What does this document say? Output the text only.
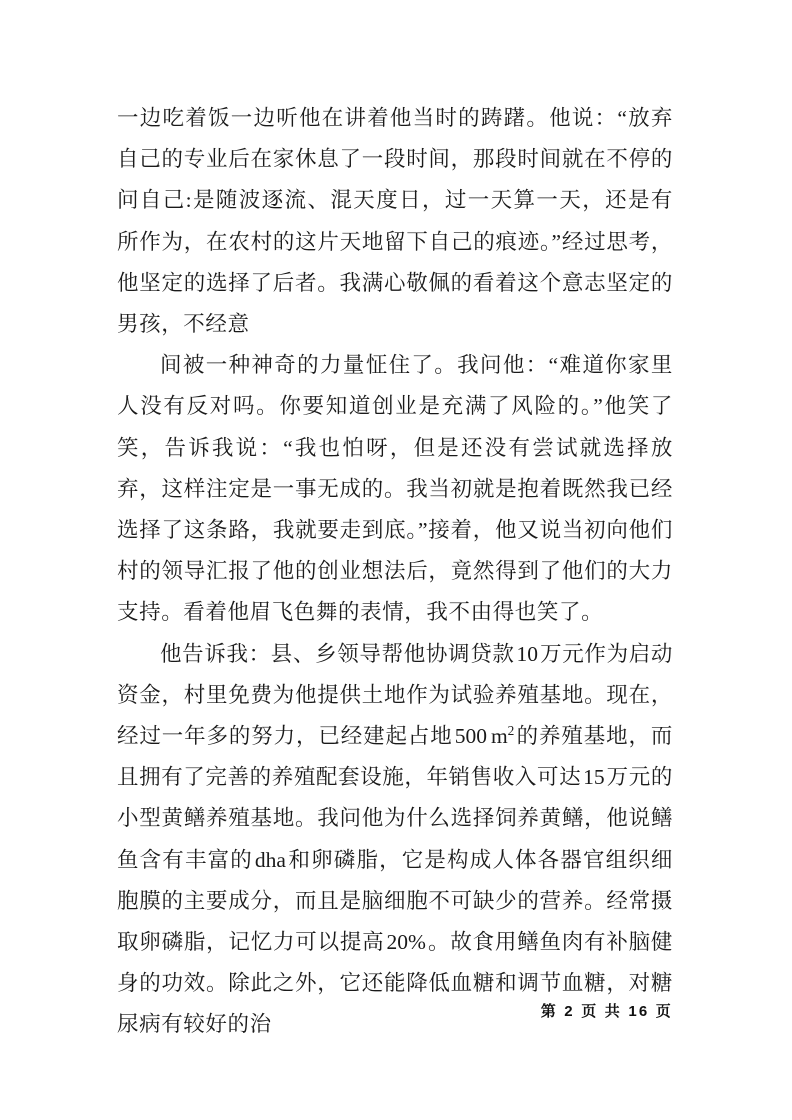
一边吃着饭一边听他在讲着他当时的踌躇。他说：“放弃自己的专业后在家休息了一段时间，那段时间就在不停的问自己:是随波逐流、混天度日，过一天算一天，还是有所作为，在农村的这片天地留下自己的痕迹。”经过思考，他坚定的选择了后者。我满心敬佩的看着这个意志坚定的男孩，不经意

间被一种神奇的力量怔住了。我问他：“难道你家里人没有反对吗。你要知道创业是充满了风险的。”他笑了笑，告诉我说：“我也怕呀，但是还没有尝试就选择放弃，这样注定是一事无成的。我当初就是抱着既然我已经选择了这条路，我就要走到底。”接着，他又说当初向他们村的领导汇报了他的创业想法后，竟然得到了他们的大力支持。看着他眉飞色舞的表情，我不由得也笑了。

他告诉我：县、乡领导帮他协调贷款10万元作为启动资金，村里免费为他提供土地作为试验养殖基地。现在，经过一年多的努力，已经建起占地500 $m^2$的养殖基地，而且拥有了完善的养殖配套设施，年销售收入可达15万元的小型黄鳝养殖基地。我问他为什么选择饲养黄鳝，他说鳝鱼含有丰富的dha和卵磷脂，它是构成人体各器官组织细胞膜的主要成分，而且是脑细胞不可缺少的营养。经常摄取卵磷脂，记忆力可以提高20%。故食用鳝鱼肉有补脑健身的功效。除此之外，它还能降低血糖和调节血糖，对糖尿病有较好的治

第 2 页 共 16 页
